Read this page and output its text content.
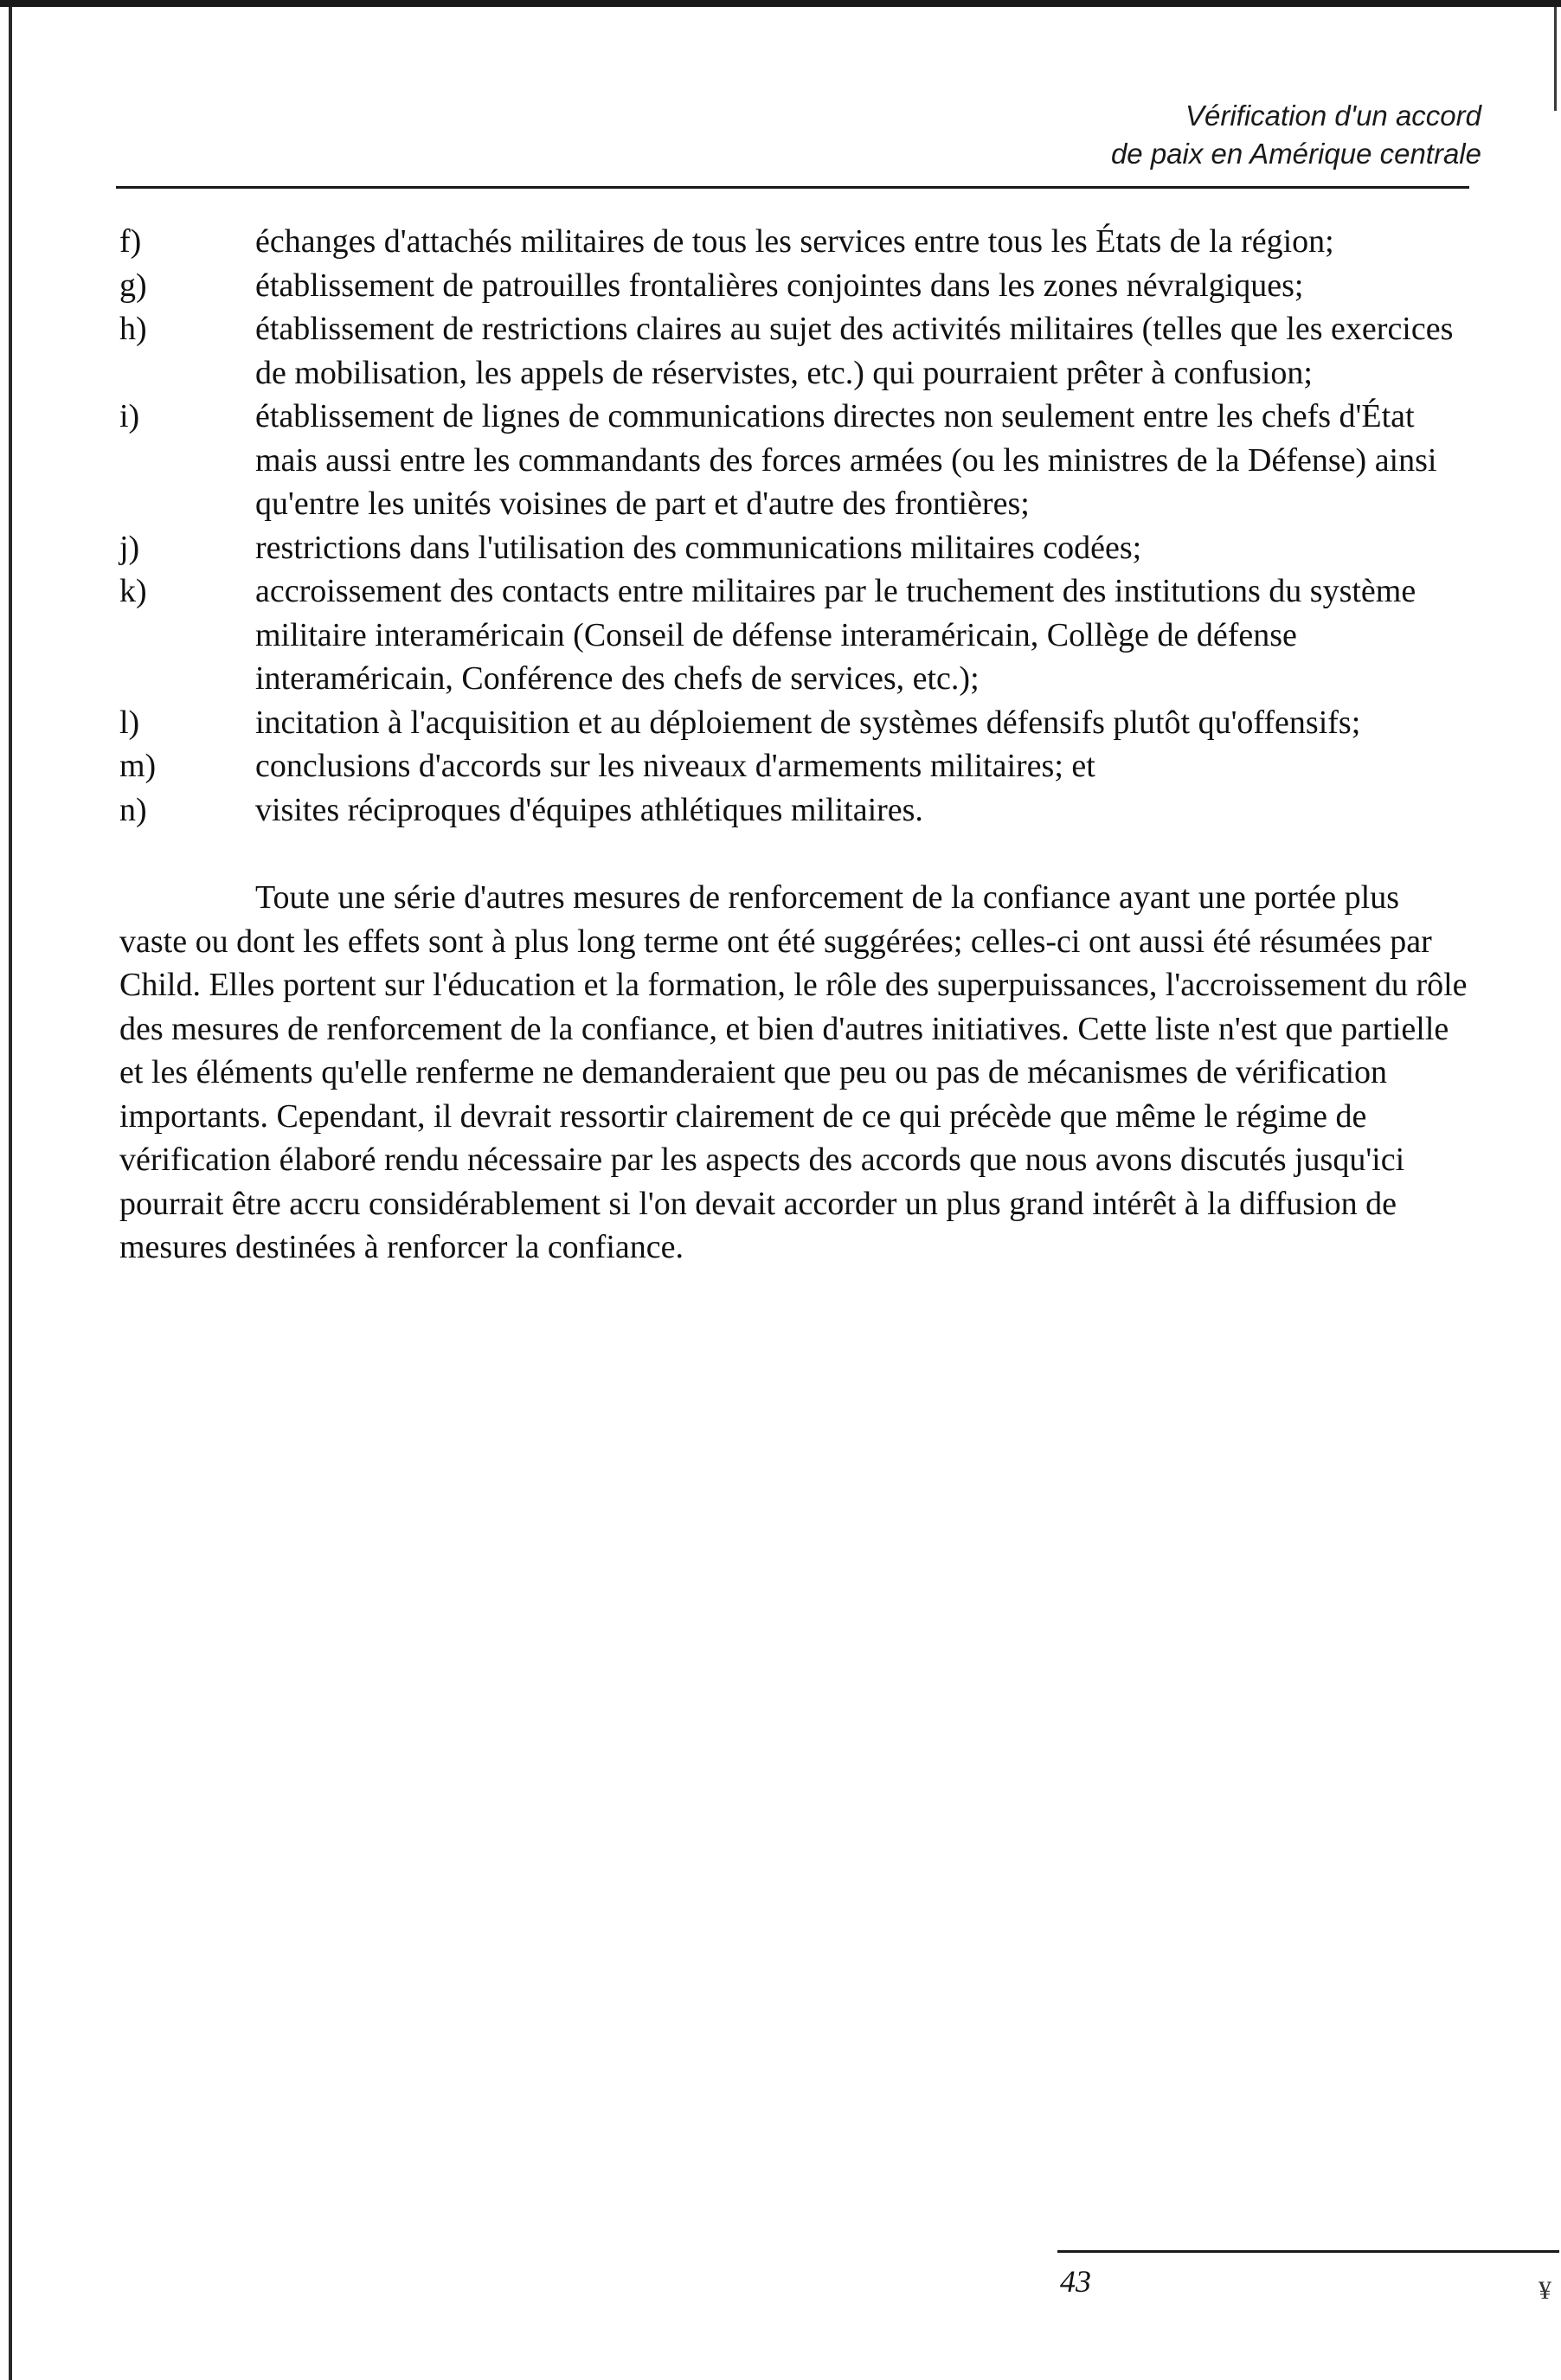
Vérification d'un accord
de paix en Amérique centrale
f)	échanges d'attachés militaires de tous les services entre tous les États de la région;
g)	établissement de patrouilles frontalières conjointes dans les zones névralgiques;
h)	établissement de restrictions claires au sujet des activités militaires (telles que les exercices de mobilisation, les appels de réservistes, etc.) qui pourraient prêter à confusion;
i)	établissement de lignes de communications directes non seulement entre les chefs d'État mais aussi entre les commandants des forces armées (ou les ministres de la Défense) ainsi qu'entre les unités voisines de part et d'autre des frontières;
j)	restrictions dans l'utilisation des communications militaires codées;
k)	accroissement des contacts entre militaires par le truchement des institutions du système militaire interaméricain (Conseil de défense interaméricain, Collège de défense interaméricain, Conférence des chefs de services, etc.);
l)	incitation à l'acquisition et au déploiement de systèmes défensifs plutôt qu'offensifs;
m)	conclusions d'accords sur les niveaux d'armements militaires; et
n)	visites réciproques d'équipes athlétiques militaires.

Toute une série d'autres mesures de renforcement de la confiance ayant une portée plus vaste ou dont les effets sont à plus long terme ont été suggérées; celles-ci ont aussi été résumées par Child. Elles portent sur l'éducation et la formation, le rôle des superpuissances, l'accroissement du rôle des mesures de renforcement de la confiance, et bien d'autres initiatives. Cette liste n'est que partielle et les éléments qu'elle renferme ne demanderaient que peu ou pas de mécanismes de vérification importants. Cependant, il devrait ressortir clairement de ce qui précède que même le régime de vérification élaboré rendu nécessaire par les aspects des accords que nous avons discutés jusqu'ici pourrait être accru considérablement si l'on devait accorder un plus grand intérêt à la diffusion de mesures destinées à renforcer la confiance.

43	¥
